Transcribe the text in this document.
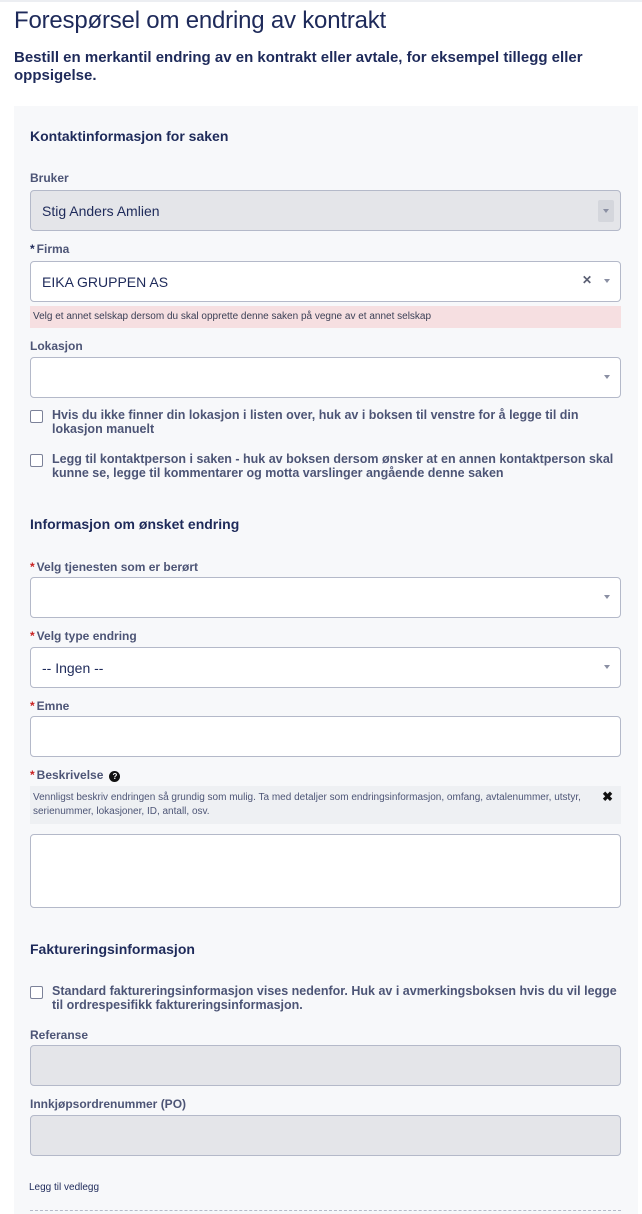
Forespørsel om endring av kontrakt
Bestill en merkantil endring av en kontrakt eller avtale, for eksempel tillegg eller oppsigelse.
Kontaktinformasjon for saken
Bruker
Stig Anders Amlien
* Firma
EIKA GRUPPEN AS	✕
Velg et annet selskap dersom du skal opprette denne saken på vegne av et annet selskap
Lokasjon
Hvis du ikke finner din lokasjon i listen over, huk av i boksen til venstre for å legge til din lokasjon manuelt
Legg til kontaktperson i saken - huk av boksen dersom ønsker at en annen kontaktperson skal kunne se, legge til kommentarer og motta varslinger angående denne saken
Informasjon om ønsket endring
* Velg tjenesten som er berørt
* Velg type endring
-- Ingen --
* Emne
* Beskrivelse ?
Vennligst beskriv endringen så grundig som mulig. Ta med detaljer som endringsinformasjon, omfang, avtalenummer, utstyr, serienummer, lokasjoner, ID, antall, osv.
✖
Faktureringsinformasjon
Standard faktureringsinformasjon vises nedenfor. Huk av i avmerkingsboksen hvis du vil legge til ordrespesifikk faktureringsinformasjon.
Referanse
Innkjøpsordrenummer (PO)
Legg til vedlegg
